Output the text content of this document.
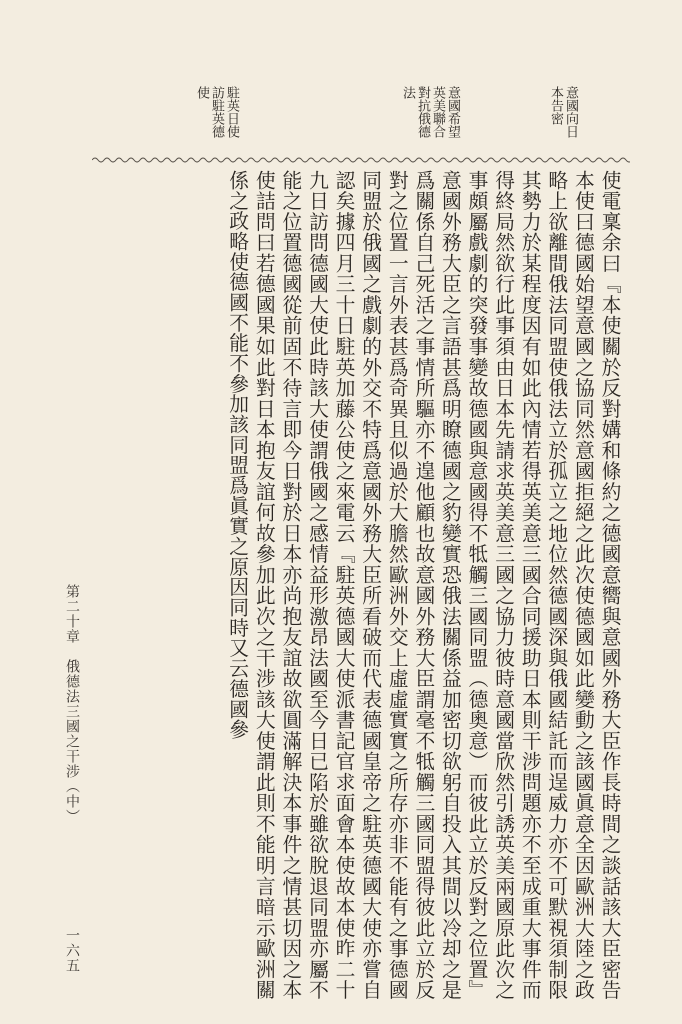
意國向日
本告密
意國希望
英美聯合
對抗俄德
法
駐英日使
訪駐英德
使

使電稟余曰『本使關於反對媾和條約之德國意嚮與意國外務大臣作長時間之談話該大臣密告本使曰德國始望意國之協同然意國拒絕之此次使德國如此變動之該國眞意全因歐洲大陸之政略上欲離間俄法同盟使俄法立於孤立之地位然德國深與俄國結託而逞威力亦不可默視須制限其勢力於某程度因有如此內情若得英美意三國合同援助日本則干涉問題亦不至成重大事件而得終局然欲行此事須由日本先請求英美意三國之協力彼時意國當欣然引誘英美兩國原此次之事頗屬戲劇的突發事變故德國與意國得不牴觸三國同盟（德奧意）而彼此立於反對之位置』意國外務大臣之言語甚爲明瞭德國之豹變實恐俄法關係益加密切欲躬自投入其間以冷却之是爲關係自己死活之事情所驅亦不遑他顧也故意國外務大臣謂毫不牴觸三國同盟得彼此立於反對之位置一言外表甚爲奇異且似過於大膽然歐洲外交上虛虛實實之所存亦非不能有之事德國同盟於俄國之戲劇的外交不特爲意國外務大臣所看破而代表德國皇帝之駐英德國大使亦嘗自認矣據四月三十日駐英加藤公使之來電云『駐英德國大使派書記官求面會本使故本使昨二十九日訪問德國大使此時該大使謂俄國之感情益形激昂法國至今日已陷於雖欲脫退同盟亦屬不能之位置德國從前固不待言即今日對於日本亦尚抱友誼故欲圓滿解決本事件之情甚切因之本使詰問曰若德國果如此對日本抱友誼何故參加此次之干涉該大使謂此則不能明言暗示歐洲關係之政略使德國不能不參加該同盟爲眞實之原因同時又云德國參

第二十章　俄德法三國之干涉（中）
一六五
